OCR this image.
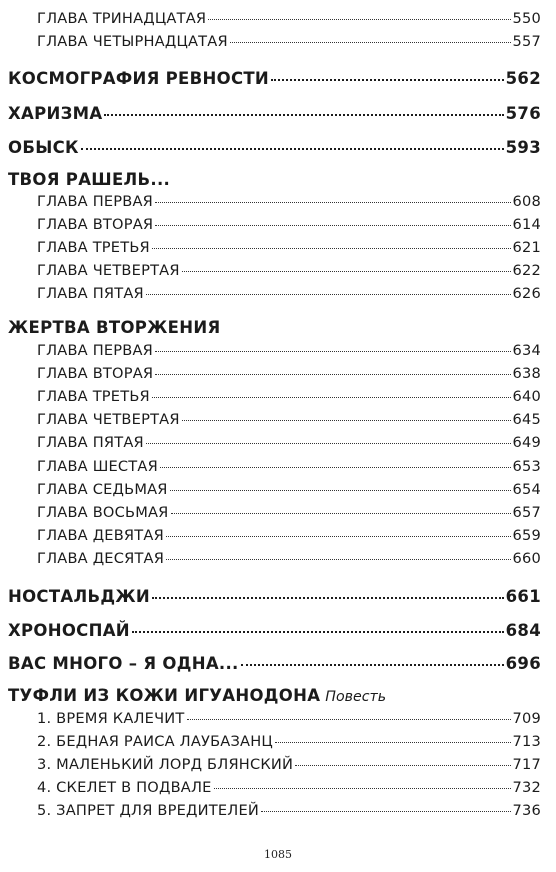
ГЛАВА ТРИНАДЦАТАЯ	550
ГЛАВА ЧЕТЫРНАДЦАТАЯ	557
КОСМОГРАФИЯ РЕВНОСТИ	562
ХАРИЗМА	576
ОБЫСК	593
ТВОЯ РАШЕЛЬ...
ГЛАВА ПЕРВАЯ	608
ГЛАВА ВТОРАЯ	614
ГЛАВА ТРЕТЬЯ	621
ГЛАВА ЧЕТВЕРТАЯ	622
ГЛАВА ПЯТАЯ	626
ЖЕРТВА ВТОРЖЕНИЯ
ГЛАВА ПЕРВАЯ	634
ГЛАВА ВТОРАЯ	638
ГЛАВА ТРЕТЬЯ	640
ГЛАВА ЧЕТВЕРТАЯ	645
ГЛАВА ПЯТАЯ	649
ГЛАВА ШЕСТАЯ	653
ГЛАВА СЕДЬМАЯ	654
ГЛАВА ВОСЬМАЯ	657
ГЛАВА ДЕВЯТАЯ	659
ГЛАВА ДЕСЯТАЯ	660
НОСТАЛЬДЖИ	661
ХРОНОСПАЙ	684
ВАС МНОГО – Я ОДНА...	696
ТУФЛИ ИЗ КОЖИ ИГУАНОДОНА Повесть
1. ВРЕМЯ КАЛЕЧИТ	709
2. БЕДНАЯ РАИСА ЛАУБАЗАНЦ	713
3. МАЛЕНЬКИЙ ЛОРД БЛЯНСКИЙ	717
4. СКЕЛЕТ В ПОДВАЛЕ	732
5. ЗАПРЕТ ДЛЯ ВРЕДИТЕЛЕЙ	736
1085
